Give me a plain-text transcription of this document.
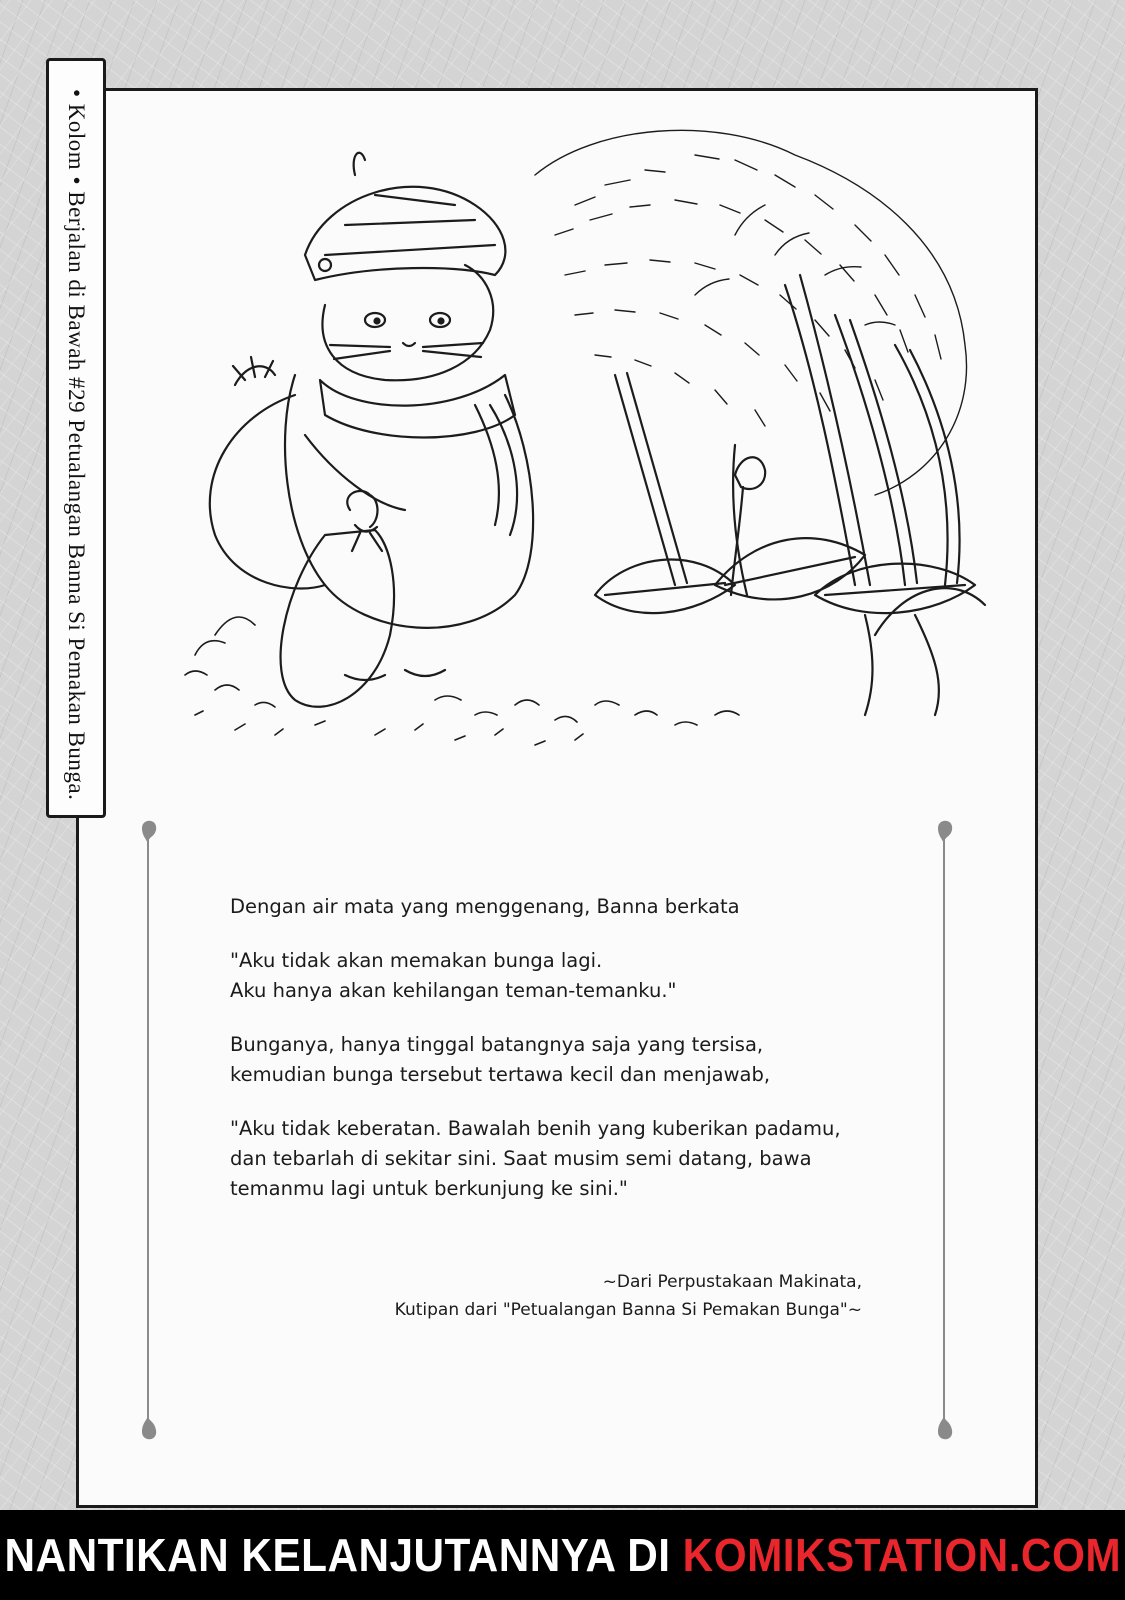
• Kolom • Berjalan di Bawah #29 Petualangan Banna Si Pemakan Bunga.

Dengan air mata yang menggenang, Banna berkata

"Aku tidak akan memakan bunga lagi.
Aku hanya akan kehilangan teman-temanku."

Bunganya, hanya tinggal batangnya saja yang tersisa,
kemudian bunga tersebut tertawa kecil dan menjawab,

"Aku tidak keberatan. Bawalah benih yang kuberikan padamu,
dan tebarlah di sekitar sini. Saat musim semi datang, bawa
temanmu lagi untuk berkunjung ke sini."

~Dari Perpustakaan Makinata,
Kutipan dari "Petualangan Banna Si Pemakan Bunga"~
NANTIKAN KELANJUTANNYA DI KOMIKSTATION.COM
